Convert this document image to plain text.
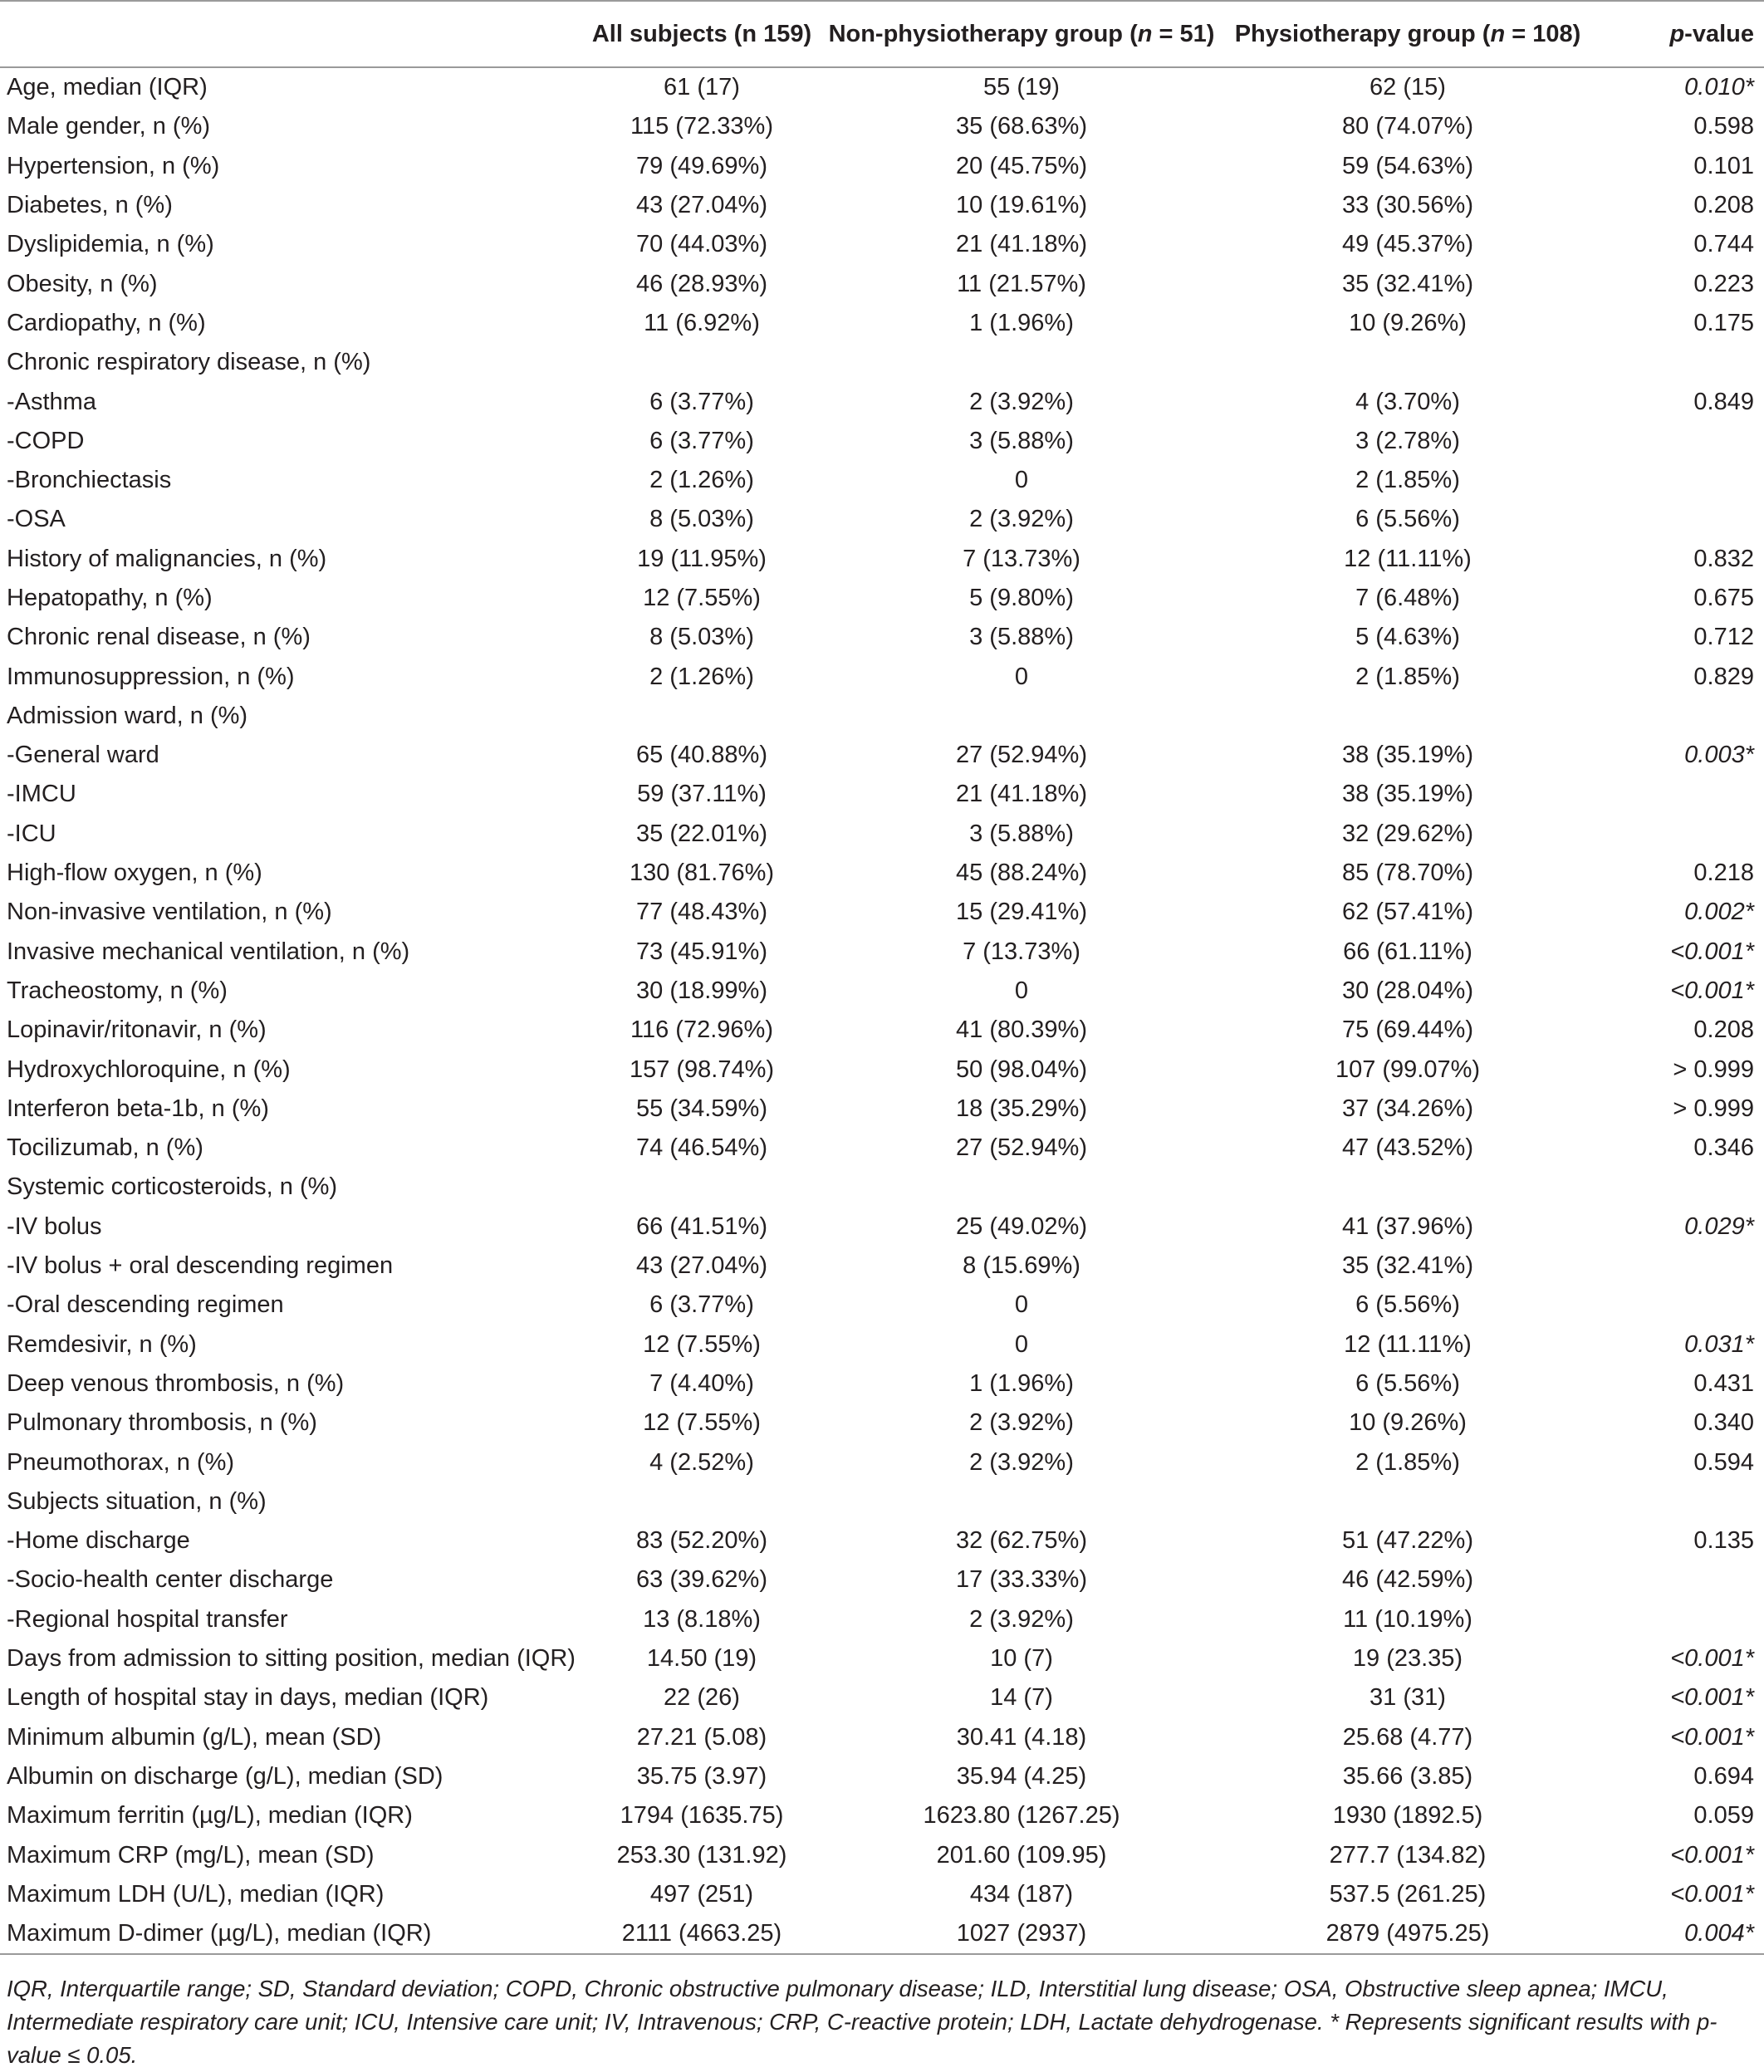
	All subjects (n 159)	Non-physiotherapy group (n = 51)	Physiotherapy group (n = 108)	p-value
Age, median (IQR)	61 (17)	55 (19)	62 (15)	0.010*
Male gender, n (%)	115 (72.33%)	35 (68.63%)	80 (74.07%)	0.598
Hypertension, n (%)	79 (49.69%)	20 (45.75%)	59 (54.63%)	0.101
Diabetes, n (%)	43 (27.04%)	10 (19.61%)	33 (30.56%)	0.208
Dyslipidemia, n (%)	70 (44.03%)	21 (41.18%)	49 (45.37%)	0.744
Obesity, n (%)	46 (28.93%)	11 (21.57%)	35 (32.41%)	0.223
Cardiopathy, n (%)	11 (6.92%)	1 (1.96%)	10 (9.26%)	0.175
Chronic respiratory disease, n (%)				
-Asthma	6 (3.77%)	2 (3.92%)	4 (3.70%)	0.849
-COPD	6 (3.77%)	3 (5.88%)	3 (2.78%)	
-Bronchiectasis	2 (1.26%)	0	2 (1.85%)	
-OSA	8 (5.03%)	2 (3.92%)	6 (5.56%)	
History of malignancies, n (%)	19 (11.95%)	7 (13.73%)	12 (11.11%)	0.832
Hepatopathy, n (%)	12 (7.55%)	5 (9.80%)	7 (6.48%)	0.675
Chronic renal disease, n (%)	8 (5.03%)	3 (5.88%)	5 (4.63%)	0.712
Immunosuppression, n (%)	2 (1.26%)	0	2 (1.85%)	0.829
Admission ward, n (%)				
-General ward	65 (40.88%)	27 (52.94%)	38 (35.19%)	0.003*
-IMCU	59 (37.11%)	21 (41.18%)	38 (35.19%)	
-ICU	35 (22.01%)	3 (5.88%)	32 (29.62%)	
High-flow oxygen, n (%)	130 (81.76%)	45 (88.24%)	85 (78.70%)	0.218
Non-invasive ventilation, n (%)	77 (48.43%)	15 (29.41%)	62 (57.41%)	0.002*
Invasive mechanical ventilation, n (%)	73 (45.91%)	7 (13.73%)	66 (61.11%)	<0.001*
Tracheostomy, n (%)	30 (18.99%)	0	30 (28.04%)	<0.001*
Lopinavir/ritonavir, n (%)	116 (72.96%)	41 (80.39%)	75 (69.44%)	0.208
Hydroxychloroquine, n (%)	157 (98.74%)	50 (98.04%)	107 (99.07%)	> 0.999
Interferon beta-1b, n (%)	55 (34.59%)	18 (35.29%)	37 (34.26%)	> 0.999
Tocilizumab, n (%)	74 (46.54%)	27 (52.94%)	47 (43.52%)	0.346
Systemic corticosteroids, n (%)				
-IV bolus	66 (41.51%)	25 (49.02%)	41 (37.96%)	0.029*
-IV bolus + oral descending regimen	43 (27.04%)	8 (15.69%)	35 (32.41%)	
-Oral descending regimen	6 (3.77%)	0	6 (5.56%)	
Remdesivir, n (%)	12 (7.55%)	0	12 (11.11%)	0.031*
Deep venous thrombosis, n (%)	7 (4.40%)	1 (1.96%)	6 (5.56%)	0.431
Pulmonary thrombosis, n (%)	12 (7.55%)	2 (3.92%)	10 (9.26%)	0.340
Pneumothorax, n (%)	4 (2.52%)	2 (3.92%)	2 (1.85%)	0.594
Subjects situation, n (%)				
-Home discharge	83 (52.20%)	32 (62.75%)	51 (47.22%)	0.135
-Socio-health center discharge	63 (39.62%)	17 (33.33%)	46 (42.59%)	
-Regional hospital transfer	13 (8.18%)	2 (3.92%)	11 (10.19%)	
Days from admission to sitting position, median (IQR)	14.50 (19)	10 (7)	19 (23.35)	<0.001*
Length of hospital stay in days, median (IQR)	22 (26)	14 (7)	31 (31)	<0.001*
Minimum albumin (g/L), mean (SD)	27.21 (5.08)	30.41 (4.18)	25.68 (4.77)	<0.001*
Albumin on discharge (g/L), median (SD)	35.75 (3.97)	35.94 (4.25)	35.66 (3.85)	0.694
Maximum ferritin (µg/L), median (IQR)	1794 (1635.75)	1623.80 (1267.25)	1930 (1892.5)	0.059
Maximum CRP (mg/L), mean (SD)	253.30 (131.92)	201.60 (109.95)	277.7 (134.82)	<0.001*
Maximum LDH (U/L), median (IQR)	497 (251)	434 (187)	537.5 (261.25)	<0.001*
Maximum D-dimer (µg/L), median (IQR)	2111 (4663.25)	1027 (2937)	2879 (4975.25)	0.004*
IQR, Interquartile range; SD, Standard deviation; COPD, Chronic obstructive pulmonary disease; ILD, Interstitial lung disease; OSA, Obstructive sleep apnea; IMCU, Intermediate respiratory care unit; ICU, Intensive care unit; IV, Intravenous; CRP, C-reactive protein; LDH, Lactate dehydrogenase. * Represents significant results with p-value ≤ 0.05.
